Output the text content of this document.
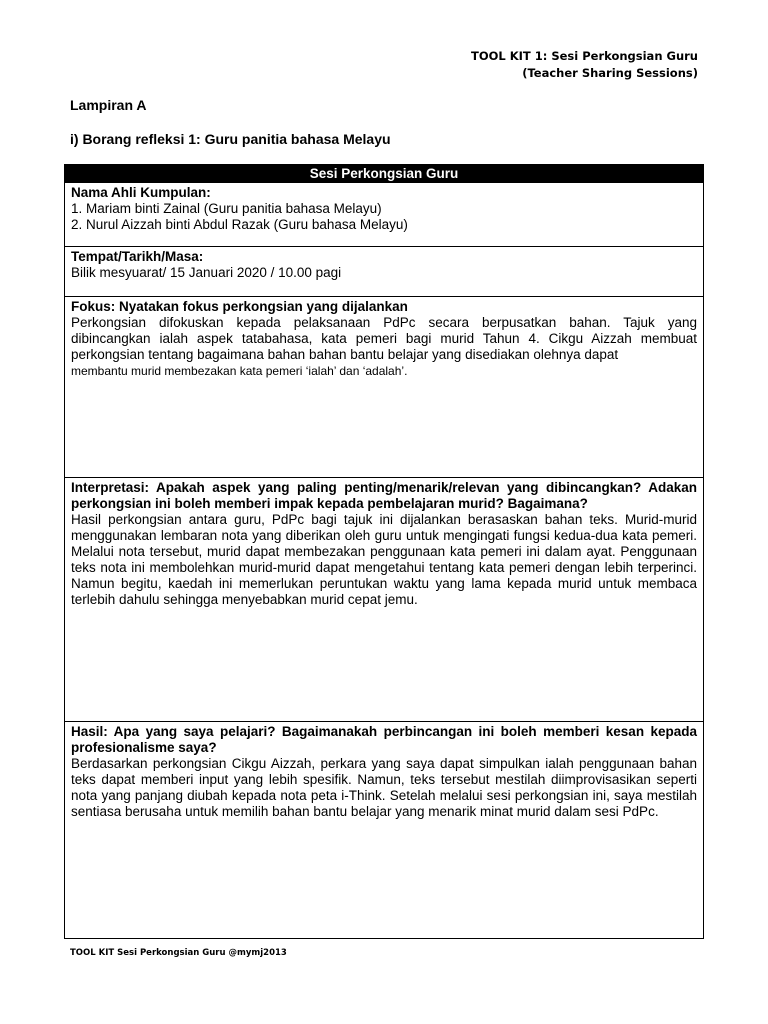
TOOL KIT 1: Sesi Perkongsian Guru
(Teacher Sharing Sessions)
Lampiran A
i) Borang refleksi 1: Guru panitia bahasa Melayu
Sesi Perkongsian Guru
Nama Ahli Kumpulan:
1. Mariam binti Zainal (Guru panitia bahasa Melayu)
2. Nurul Aizzah binti Abdul Razak (Guru bahasa Melayu)
Tempat/Tarikh/Masa:
Bilik mesyuarat/ 15 Januari 2020 / 10.00 pagi
Fokus: Nyatakan fokus perkongsian yang dijalankan
Perkongsian difokuskan kepada pelaksanaan PdPc secara berpusatkan bahan. Tajuk yang dibincangkan ialah aspek tatabahasa, kata pemeri bagi murid Tahun 4. Cikgu Aizzah membuat perkongsian tentang bagaimana bahan bahan bantu belajar yang disediakan olehnya dapat
membantu murid membezakan kata pemeri ‘ialah’ dan ‘adalah’.
Interpretasi: Apakah aspek yang paling penting/menarik/relevan yang dibincangkan? Adakan perkongsian ini boleh memberi impak kepada pembelajaran murid? Bagaimana?
Hasil perkongsian antara guru, PdPc bagi tajuk ini dijalankan berasaskan bahan teks. Murid-murid menggunakan lembaran nota yang diberikan oleh guru untuk mengingati fungsi kedua-dua kata pemeri. Melalui nota tersebut, murid dapat membezakan penggunaan kata pemeri ini dalam ayat. Penggunaan teks nota ini membolehkan murid-murid dapat mengetahui tentang kata pemeri dengan lebih terperinci. Namun begitu, kaedah ini memerlukan peruntukan waktu yang lama kepada murid untuk membaca terlebih dahulu sehingga menyebabkan murid cepat jemu.
Hasil: Apa yang saya pelajari? Bagaimanakah perbincangan ini boleh memberi kesan kepada profesionalisme saya?
Berdasarkan perkongsian Cikgu Aizzah, perkara yang saya dapat simpulkan ialah penggunaan bahan teks dapat memberi input yang lebih spesifik. Namun, teks tersebut mestilah diimprovisasikan seperti nota yang panjang diubah kepada nota peta i-Think. Setelah melalui sesi perkongsian ini, saya mestilah sentiasa berusaha untuk memilih bahan bantu belajar yang menarik minat murid dalam sesi PdPc.
TOOL KIT Sesi Perkongsian Guru @mymj2013
